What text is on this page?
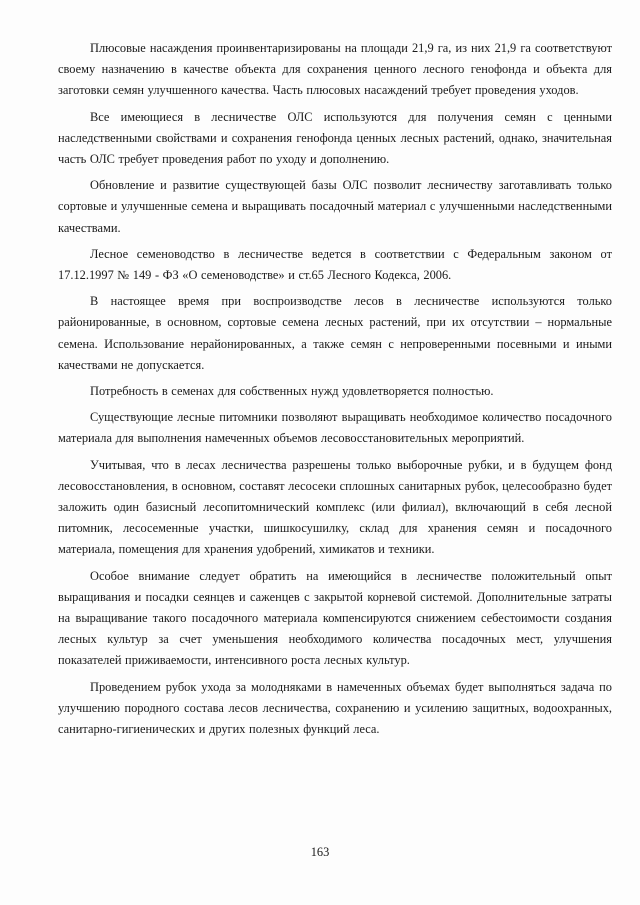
Плюсовые насаждения проинвентаризированы на площади 21,9 га, из них 21,9 га соответствуют своему назначению в качестве объекта для сохранения ценного лесного генофонда и объекта для заготовки семян улучшенного качества. Часть плюсовых насаждений требует проведения уходов.

Все имеющиеся в лесничестве ОЛС используются для получения семян с ценными наследственными свойствами и сохранения генофонда ценных лесных растений, однако, значительная часть ОЛС требует проведения работ по уходу и дополнению.

Обновление и развитие существующей базы ОЛС позволит лесничеству заготавливать только сортовые и улучшенные семена и выращивать посадочный материал с улучшенными наследственными качествами.

Лесное семеноводство в лесничестве ведется в соответствии с Федеральным законом от 17.12.1997 № 149 - ФЗ «О семеноводстве» и ст.65 Лесного Кодекса, 2006.

В настоящее время при воспроизводстве лесов в лесничестве используются только районированные, в основном, сортовые семена лесных растений, при их отсутствии – нормальные семена. Использование нерайонированных, а также семян с непроверенными посевными и иными качествами не допускается.

Потребность в семенах для собственных нужд удовлетворяется полностью.

Существующие лесные питомники позволяют выращивать необходимое количество посадочного материала для выполнения намеченных объемов лесовосстановительных мероприятий.

Учитывая, что в лесах лесничества разрешены только выборочные рубки, и в будущем фонд лесовосстановления, в основном, составят лесосеки сплошных санитарных рубок, целесообразно будет заложить один базисный лесопитомнический комплекс (или филиал), включающий в себя лесной питомник, лесосеменные участки, шишкосушилку, склад для хранения семян и посадочного материала, помещения для хранения удобрений, химикатов и техники.

Особое внимание следует обратить на имеющийся в лесничестве положительный опыт выращивания и посадки сеянцев и саженцев с закрытой корневой системой. Дополнительные затраты на выращивание такого посадочного материала компенсируются снижением себестоимости создания лесных культур за счет уменьшения необходимого количества посадочных мест, улучшения показателей приживаемости, интенсивного роста лесных культур.

Проведением рубок ухода за молодняками в намеченных объемах будет выполняться задача по улучшению породного состава лесов лесничества, сохранению и усилению защитных, водоохранных, санитарно-гигиенических и других полезных функций леса.

163
